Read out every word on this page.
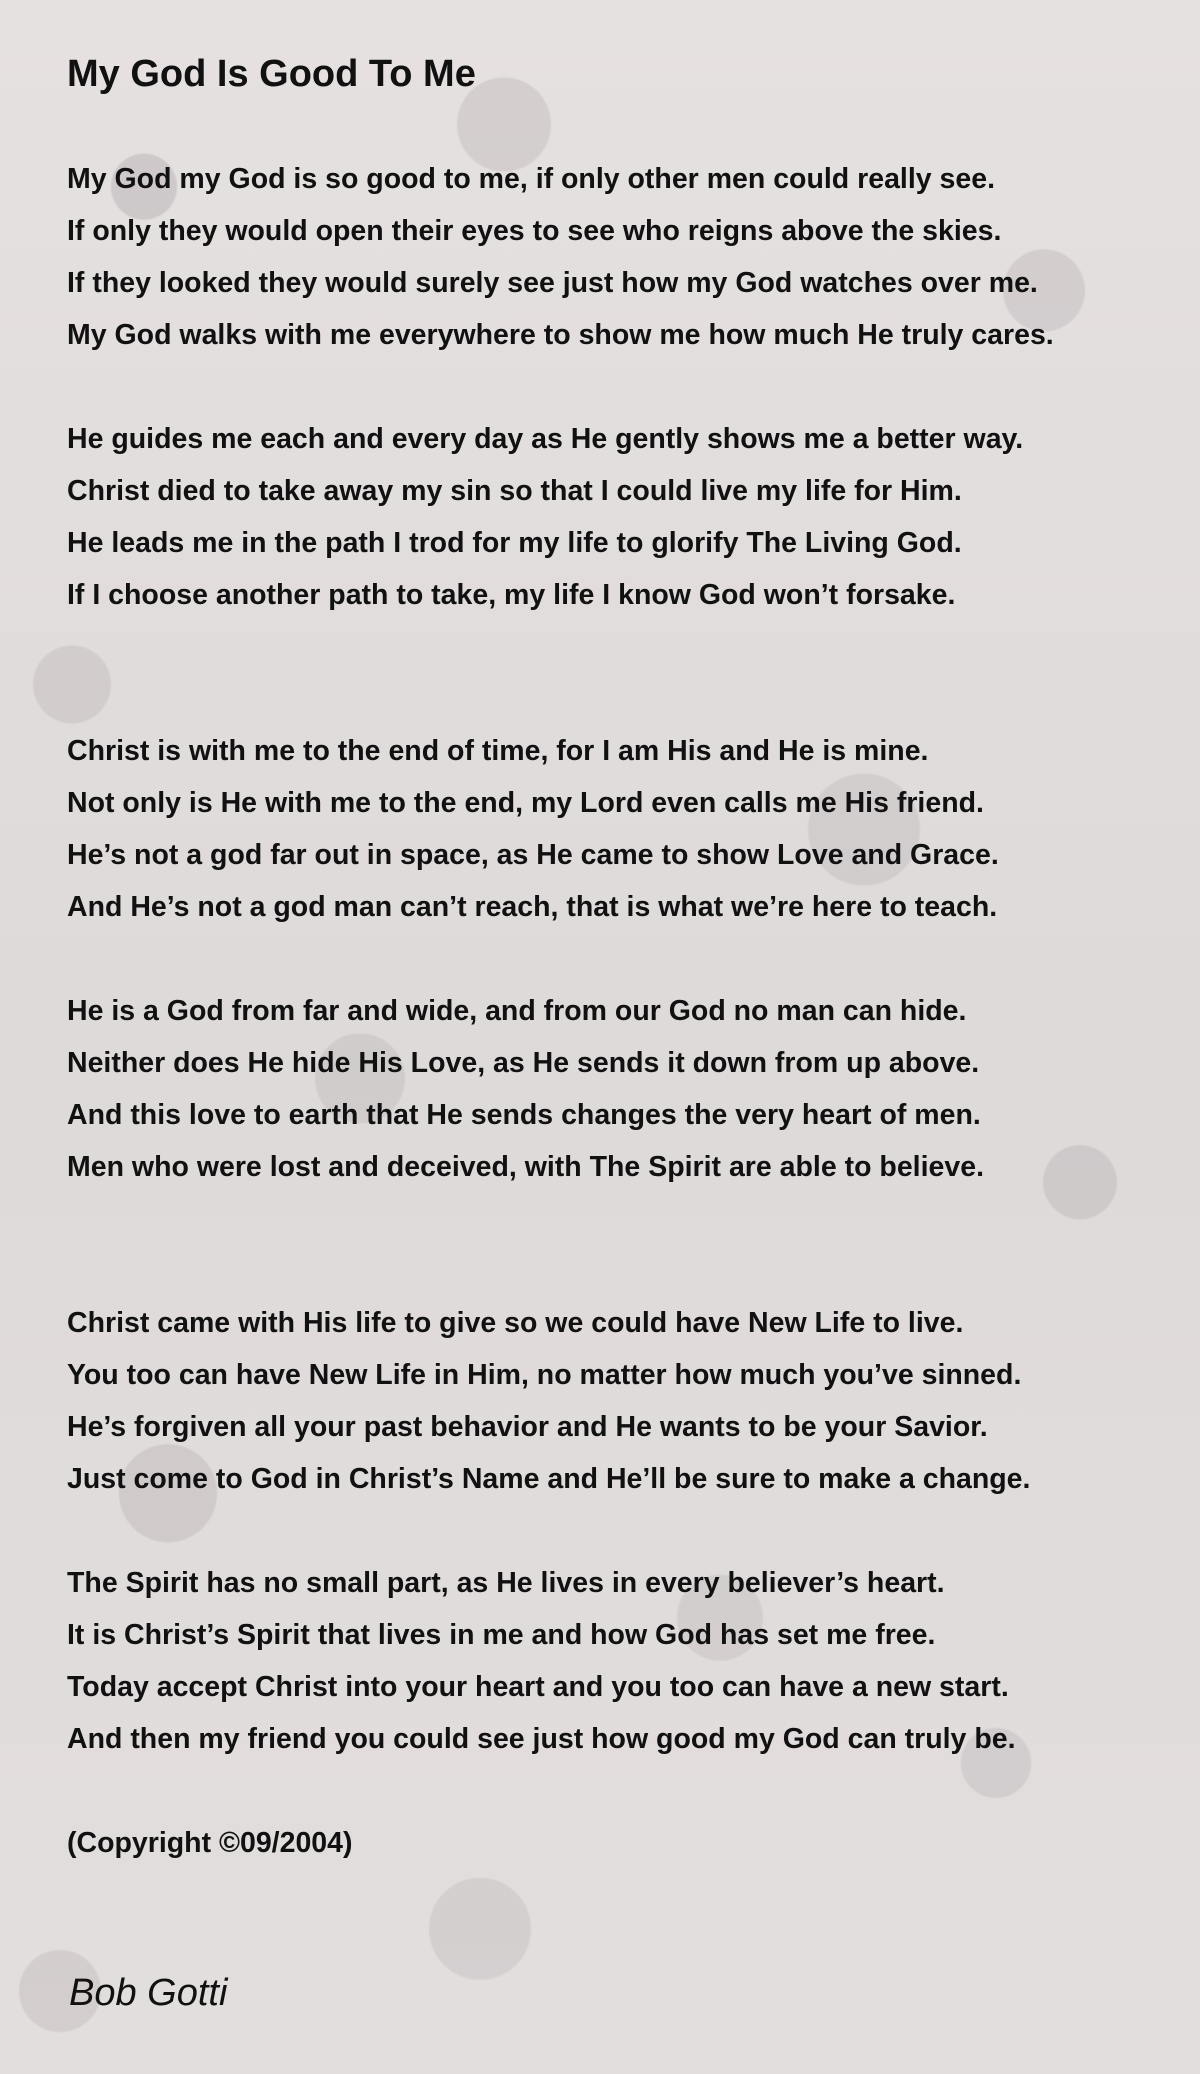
My God Is Good To Me
My God my God is so good to me, if only other men could really see.
If only they would open their eyes to see who reigns above the skies.
If they looked they would surely see just how my God watches over me.
My God walks with me everywhere to show me how much He truly cares.
He guides me each and every day as He gently shows me a better way.
Christ died to take away my sin so that I could live my life for Him.
He leads me in the path I trod for my life to glorify The Living God.
If I choose another path to take, my life I know God won’t forsake.
Christ is with me to the end of time, for I am His and He is mine.
Not only is He with me to the end, my Lord even calls me His friend.
He’s not a god far out in space, as He came to show Love and Grace.
And He’s not a god man can’t reach, that is what we’re here to teach.
He is a God from far and wide, and from our God no man can hide.
Neither does He hide His Love, as He sends it down from up above.
And this love to earth that He sends changes the very heart of men.
Men who were lost and deceived, with The Spirit are able to believe.
Christ came with His life to give so we could have New Life to live.
You too can have New Life in Him, no matter how much you’ve sinned.
He’s forgiven all your past behavior and He wants to be your Savior.
Just come to God in Christ’s Name and He’ll be sure to make a change.
The Spirit has no small part, as He lives in every believer’s heart.
It is Christ’s Spirit that lives in me and how God has set me free.
Today accept Christ into your heart and you too can have a new start.
And then my friend you could see just how good my God can truly be.
(Copyright ©09/2004)
Bob Gotti
